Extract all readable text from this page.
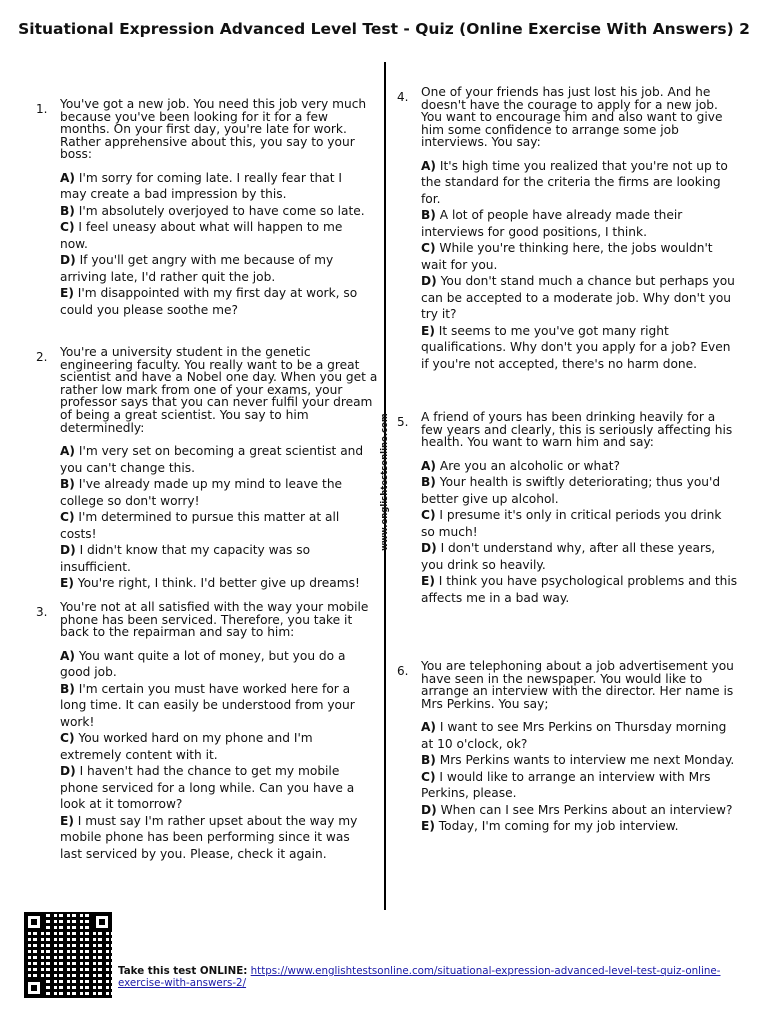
Situational Expression Advanced Level Test - Quiz (Online Exercise With Answers) 2
www.englishtestsonline.com
1. You've got a new job. You need this job very much because you've been looking for it for a few months. On your first day, you're late for work. Rather apprehensive about this, you say to your boss:

A) I'm sorry for coming late. I really fear that I may create a bad impression by this.

B) I'm absolutely overjoyed to have come so late.

C) I feel uneasy about what will happen to me now.

D) If you'll get angry with me because of my arriving late, I'd rather quit the job.

E) I'm disappointed with my first day at work, so could you please soothe me?

2. You're a university student in the genetic engineering faculty. You really want to be a great scientist and have a Nobel one day. When you get a rather low mark from one of your exams, your professor says that you can never fulfil your dream of being a great scientist. You say to him determinedly:

A) I'm very set on becoming a great scientist and you can't change this.

B) I've already made up my mind to leave the college so don't worry!

C) I'm determined to pursue this matter at all costs!

D) I didn't know that my capacity was so insufficient.

E) You're right, I think. I'd better give up dreams!

3. You're not at all satisfied with the way your mobile phone has been serviced. Therefore, you take it back to the repairman and say to him:

A) You want quite a lot of money, but you do a good job.

B) I'm certain you must have worked here for a long time. It can easily be understood from your work!

C) You worked hard on my phone and I'm extremely content with it.

D) I haven't had the chance to get my mobile phone serviced for a long while. Can you have a look at it tomorrow?

E) I must say I'm rather upset about the way my mobile phone has been performing since it was last serviced by you. Please, check it again.

4. One of your friends has just lost his job. And he doesn't have the courage to apply for a new job. You want to encourage him and also want to give him some confidence to arrange some job interviews. You say:

A) It's high time you realized that you're not up to the standard for the criteria the firms are looking for.

B) A lot of people have already made their interviews for good positions, I think.

C) While you're thinking here, the jobs wouldn't wait for you.

D) You don't stand much a chance but perhaps you can be accepted to a moderate job. Why don't you try it?

E) It seems to me you've got many right qualifications. Why don't you apply for a job? Even if you're not accepted, there's no harm done.

5. A friend of yours has been drinking heavily for a few years and clearly, this is seriously affecting his health. You want to warn him and say:

A) Are you an alcoholic or what?

B) Your health is swiftly deteriorating; thus you'd better give up alcohol.

C) I presume it's only in critical periods you drink so much!

D) I don't understand why, after all these years, you drink so heavily.

E) I think you have psychological problems and this affects me in a bad way.

6. You are telephoning about a job advertisement you have seen in the newspaper. You would like to arrange an interview with the director. Her name is Mrs Perkins. You say;

A) I want to see Mrs Perkins on Thursday morning at 10 o'clock, ok?

B) Mrs Perkins wants to interview me next Monday.

C) I would like to arrange an interview with Mrs Perkins, please.

D) When can I see Mrs Perkins about an interview?

E) Today, I'm coming for my job interview.

Take this test ONLINE: https://www.englishtestsonline.com/situational-expression-advanced-level-test-quiz-online-exercise-with-answers-2/
